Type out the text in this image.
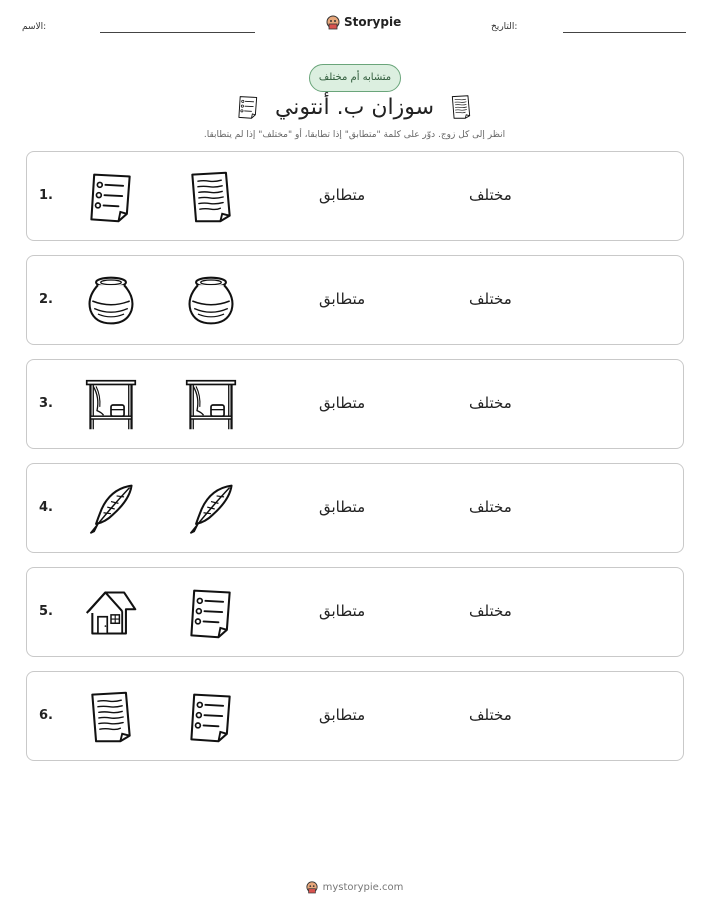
الاسم:	Storypie	التاريخ:
متشابه أم مختلف
سوزان ب. أنتوني
انظر إلى كل زوج. دوّر على كلمة "متطابق" إذا تطابقا، أو "مختلف" إذا لم يتطابقا.
1.	متطابق	مختلف
2.	متطابق	مختلف
3.	متطابق	مختلف
4.	متطابق	مختلف
5.	متطابق	مختلف
6.	متطابق	مختلف
mystorypie.com
